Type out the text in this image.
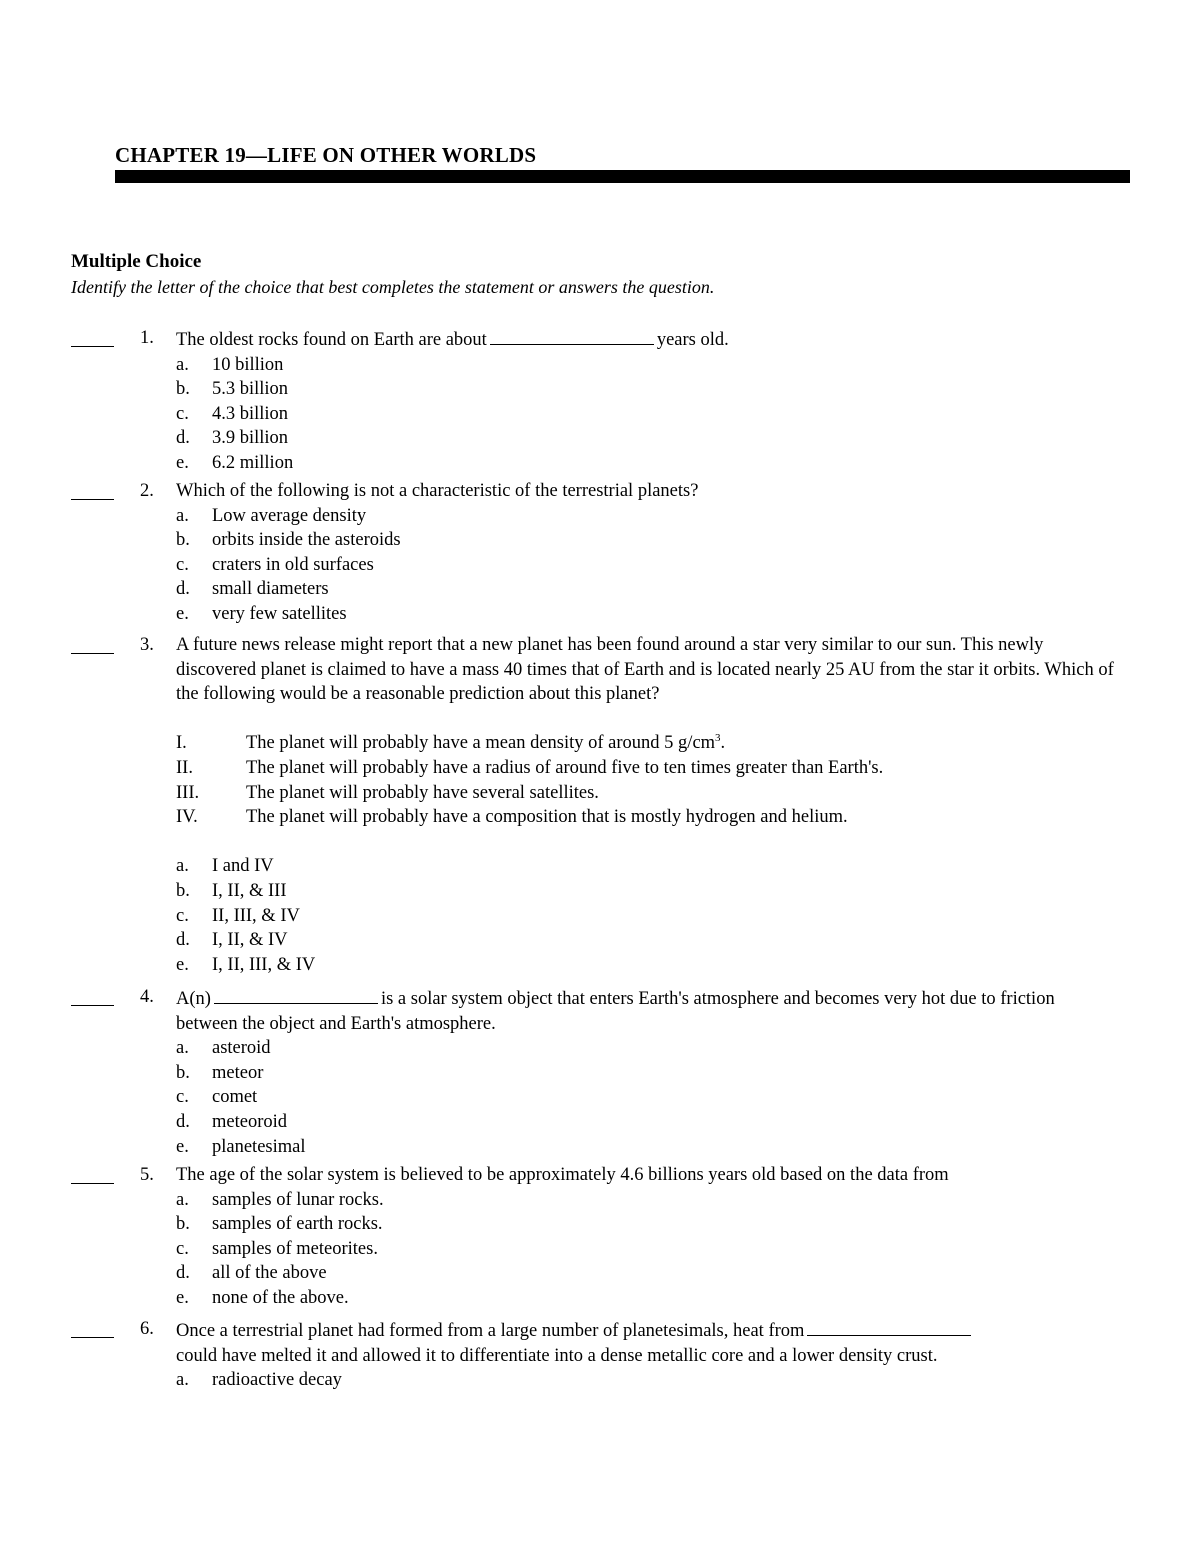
CHAPTER 19—LIFE ON OTHER WORLDS
Multiple Choice
Identify the letter of the choice that best completes the statement or answers the question.
1.	The oldest rocks found on Earth are about	years old.
a. 10 billion
b. 5.3 billion
c. 4.3 billion
d. 3.9 billion
e. 6.2 million
2.	Which of the following is not a characteristic of the terrestrial planets?
a. Low average density
b. orbits inside the asteroids
c. craters in old surfaces
d. small diameters
e. very few satellites
3.	A future news release might report that a new planet has been found around a star very similar to our sun. This newly discovered planet is claimed to have a mass 40 times that of Earth and is located nearly 25 AU from the star it orbits. Which of the following would be a reasonable prediction about this planet?
I.	The planet will probably have a mean density of around 5 $g/cm^3$.
II.	The planet will probably have a radius of around five to ten times greater than Earth's.
III.	The planet will probably have several satellites.
IV.	The planet will probably have a composition that is mostly hydrogen and helium.
a. I and IV
b. I, II, & III
c. II, III, & IV
d. I, II, & IV
e. I, II, III, & IV
4.	A(n)	is a solar system object that enters Earth's atmosphere and becomes very hot due to friction between the object and Earth's atmosphere.
a. asteroid
b. meteor
c. comet
d. meteoroid
e. planetesimal
5.	The age of the solar system is believed to be approximately 4.6 billions years old based on the data from
a. samples of lunar rocks.
b. samples of earth rocks.
c. samples of meteorites.
d. all of the above
e. none of the above.
6.	Once a terrestrial planet had formed from a large number of planetesimals, heat from
could have melted it and allowed it to differentiate into a dense metallic core and a lower density crust.
a. radioactive decay
